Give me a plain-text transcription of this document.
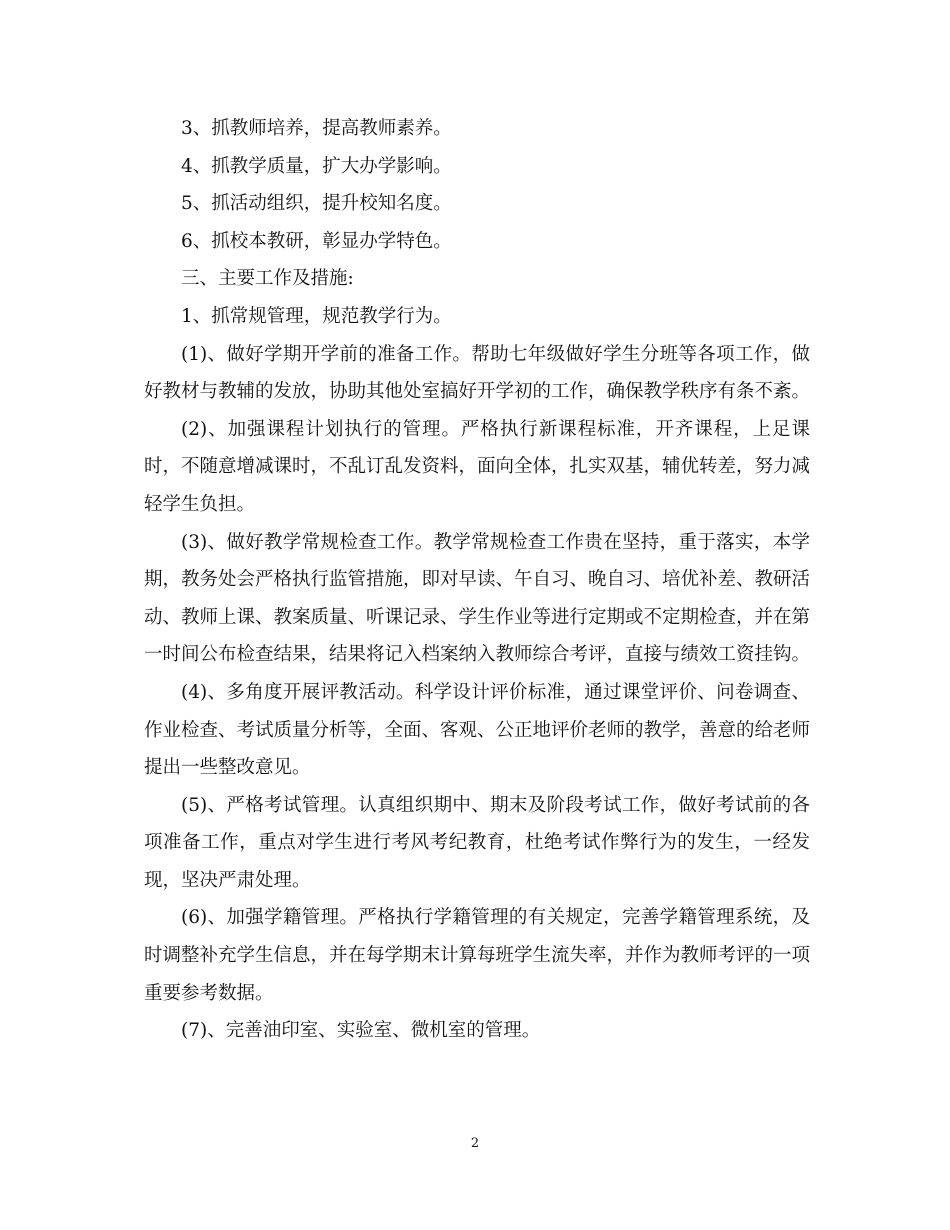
3、抓教师培养，提高教师素养。

4、抓教学质量，扩大办学影响。

5、抓活动组织，提升校知名度。

6、抓校本教研，彰显办学特色。

三、主要工作及措施:

1、抓常规管理，规范教学行为。

(1)、做好学期开学前的准备工作。帮助七年级做好学生分班等各项工作，做好教材与教辅的发放，协助其他处室搞好开学初的工作，确保教学秩序有条不紊。

(2)、加强课程计划执行的管理。严格执行新课程标准，开齐课程，上足课时，不随意增减课时，不乱订乱发资料，面向全体，扎实双基，辅优转差，努力减轻学生负担。

(3)、做好教学常规检查工作。教学常规检查工作贵在坚持，重于落实，本学期，教务处会严格执行监管措施，即对早读、午自习、晚自习、培优补差、教研活动、教师上课、教案质量、听课记录、学生作业等进行定期或不定期检查，并在第一时间公布检查结果，结果将记入档案纳入教师综合考评，直接与绩效工资挂钩。

(4)、多角度开展评教活动。科学设计评价标准，通过课堂评价、问卷调查、作业检查、考试质量分析等，全面、客观、公正地评价老师的教学，善意的给老师提出一些整改意见。

(5)、严格考试管理。认真组织期中、期末及阶段考试工作，做好考试前的各项准备工作，重点对学生进行考风考纪教育，杜绝考试作弊行为的发生，一经发现，坚决严肃处理。

(6)、加强学籍管理。严格执行学籍管理的有关规定，完善学籍管理系统，及时调整补充学生信息，并在每学期末计算每班学生流失率，并作为教师考评的一项重要参考数据。

(7)、完善油印室、实验室、微机室的管理。

2
